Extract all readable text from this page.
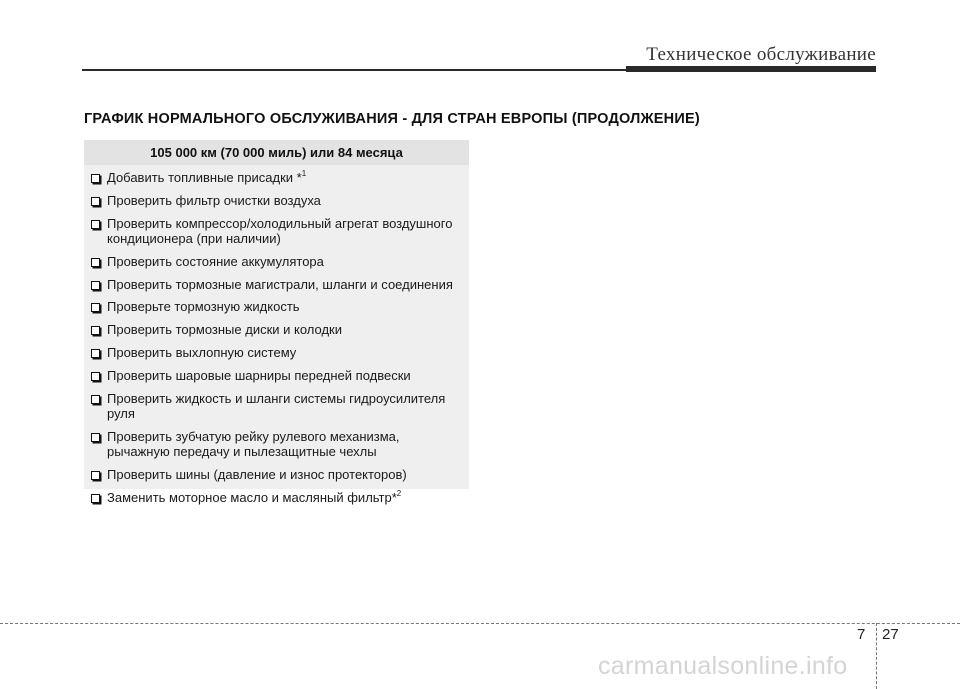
Техническое обслуживание
ГРАФИК НОРМАЛЬНОГО ОБСЛУЖИВАНИЯ - ДЛЯ СТРАН ЕВРОПЫ (ПРОДОЛЖЕНИЕ)
105 000 км (70 000 миль) или 84 месяца
Добавить топливные присадки *$^1$
Проверить фильтр очистки воздуха
Проверить компрессор/холодильный агрегат воздушного кондиционера (при наличии)
Проверить состояние аккумулятора
Проверить тормозные магистрали, шланги и соединения
Проверьте тормозную жидкость
Проверить тормозные диски и колодки
Проверить выхлопную систему
Проверить шаровые шарниры передней подвески
Проверить жидкость и шланги системы гидроусилителя руля
Проверить зубчатую рейку рулевого механизма, рычажную передачу и пылезащитные чехлы
Проверить шины (давление и износ протекторов)
Заменить моторное масло и масляный фильтр*$^2$
7 27
carmanualsonline.info
